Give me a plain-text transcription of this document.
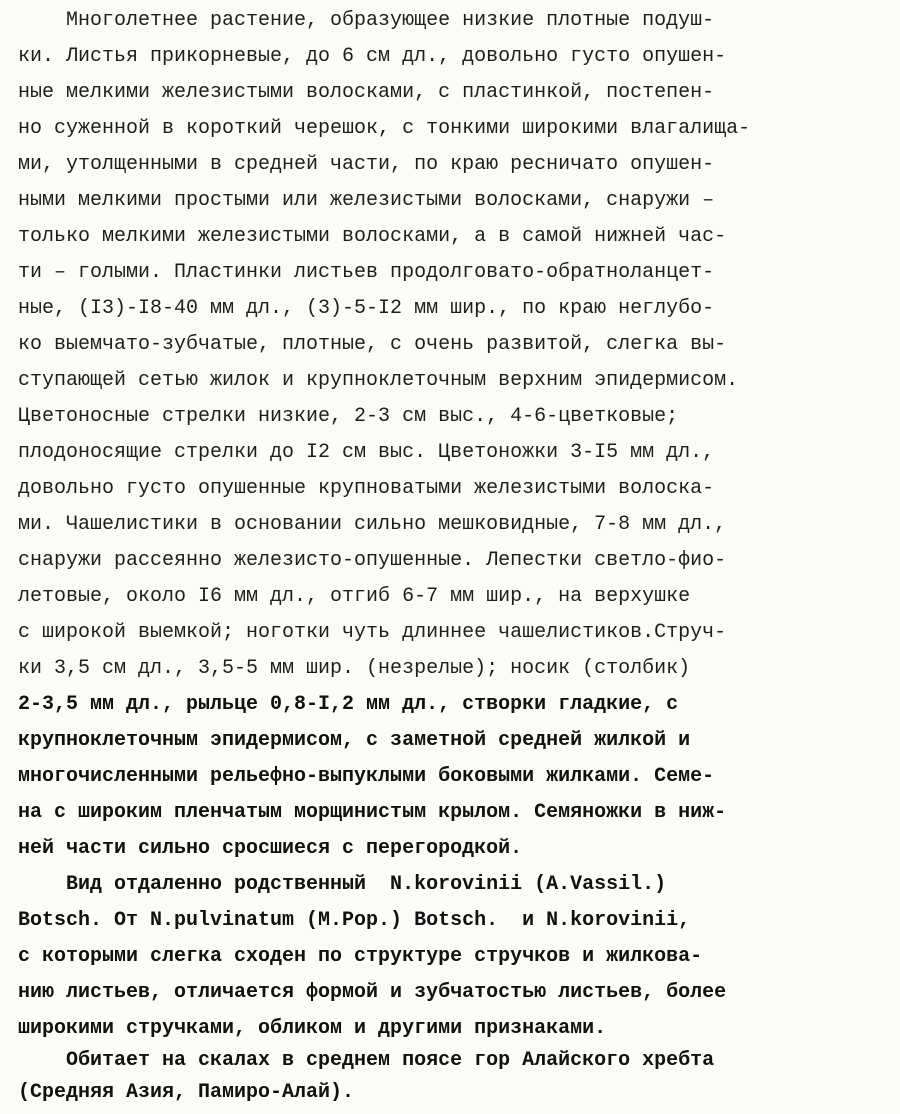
Многолетнее растение, образующее низкие плотные подуш-

ки. Листья прикорневые, до 6 см дл., довольно густо опушен-

ные мелкими железистыми волосками, с пластинкой, постепен-

но суженной в короткий черешок, с тонкими широкими влагалища-

ми, утолщенными в средней части, по краю ресничато опушен-

ными мелкими простыми или железистыми волосками, снаружи –

только мелкими железистыми волосками, а в самой нижней час-

ти – голыми. Пластинки листьев продолговато-обратноланцет-

ные, (I3)-I8-40 мм дл., (3)-5-I2 мм шир., по краю неглубо-

ко выемчато-зубчатые, плотные, с очень развитой, слегка вы-

ступающей сетью жилок и крупноклеточным верхним эпидермисом.

Цветоносные стрелки низкие, 2-3 см выс., 4-6-цветковые;

плодоносящие стрелки до I2 см выс. Цветоножки 3-I5 мм дл.,

довольно густо опушенные крупноватыми железистыми волоска-

ми. Чашелистики в основании сильно мешковидные, 7-8 мм дл.,

снаружи рассеянно железисто-опушенные. Лепестки светло-фио-

летовые, около I6 мм дл., отгиб 6-7 мм шир., на верхушке

с широкой выемкой; ноготки чуть длиннее чашелистиков.Струч-

ки 3,5 см дл., 3,5-5 мм шир. (незрелые); носик (столбик)

2-3,5 мм дл., рыльце 0,8-I,2 мм дл., створки гладкие, с

крупноклеточным эпидермисом, с заметной средней жилкой и

многочисленными рельефно-выпуклыми боковыми жилками. Семе-

на с широким пленчатым морщинистым крылом. Семяножки в ниж-

ней части сильно сросшиеся с перегородкой.

Вид отдаленно родственный  N.korovinii (A.Vassil.)

Botsch. От N.pulvinatum (M.Pop.) Botsch.  и N.korovinii,

с которыми слегка сходен по структуре стручков и жилкова-

нию листьев, отличается формой и зубчатостью листьев, более

широкими стручками, обликом и другими признаками.

Обитает на скалах в среднем поясе гор Алайского хребта

(Средняя Азия, Памиро-Алай).
